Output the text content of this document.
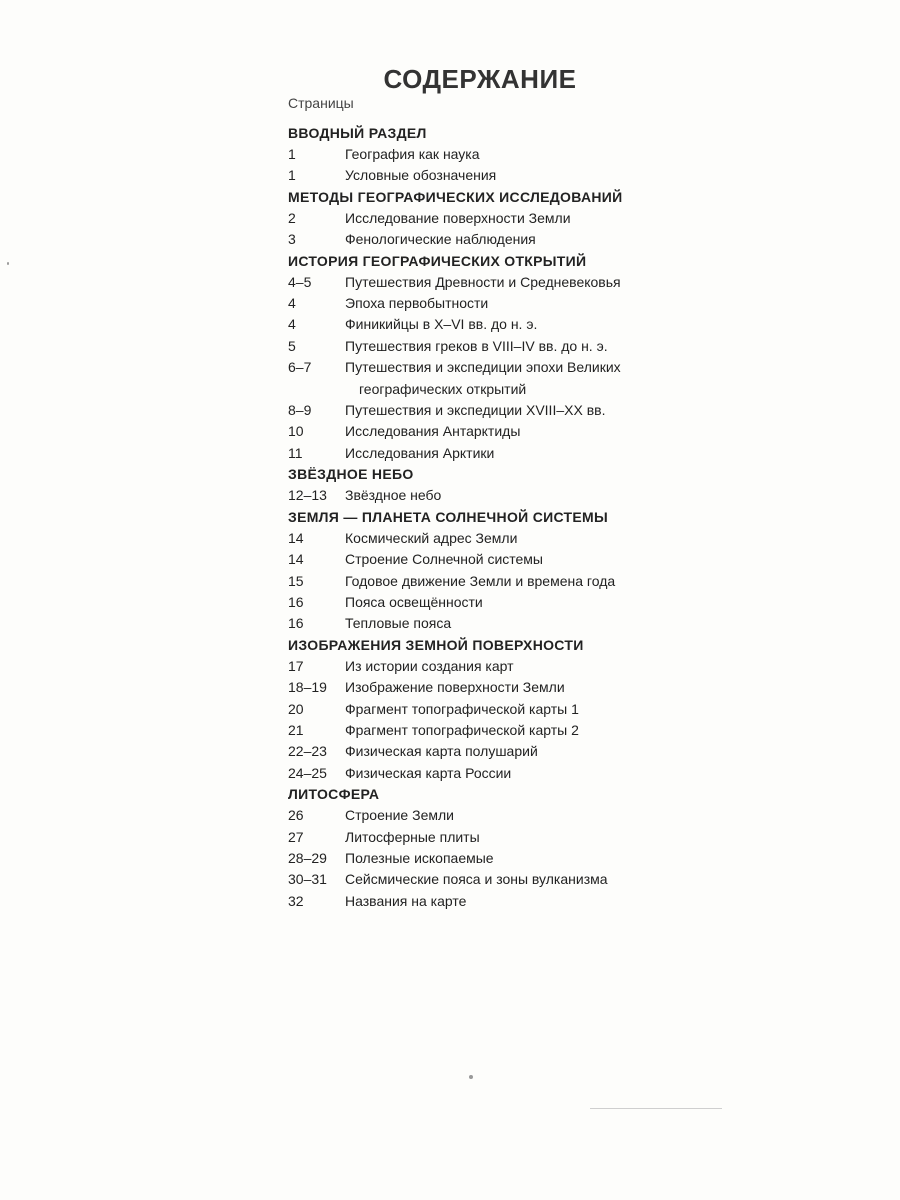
СОДЕРЖАНИЕ
Страницы
ВВОДНЫЙ РАЗДЕЛ
1	География как наука
1	Условные обозначения
МЕТОДЫ ГЕОГРАФИЧЕСКИХ ИССЛЕДОВАНИЙ
2	Исследование поверхности Земли
3	Фенологические наблюдения
ИСТОРИЯ ГЕОГРАФИЧЕСКИХ ОТКРЫТИЙ
4–5	Путешествия Древности и Средневековья
4	Эпоха первобытности
4	Финикийцы в X–VI вв. до н. э.
5	Путешествия греков в VIII–IV вв. до н. э.
6–7	Путешествия и экспедиции эпохи Великих
географических открытий
8–9	Путешествия и экспедиции XVIII–XX вв.
10	Исследования Антарктиды
11	Исследования Арктики
ЗВЁЗДНОЕ НЕБО
12–13	Звёздное небо
ЗЕМЛЯ — ПЛАНЕТА СОЛНЕЧНОЙ СИСТЕМЫ
14	Космический адрес Земли
14	Строение Солнечной системы
15	Годовое движение Земли и времена года
16	Пояса освещённости
16	Тепловые пояса
ИЗОБРАЖЕНИЯ ЗЕМНОЙ ПОВЕРХНОСТИ
17	Из истории создания карт
18–19	Изображение поверхности Земли
20	Фрагмент топографической карты 1
21	Фрагмент топографической карты 2
22–23	Физическая карта полушарий
24–25	Физическая карта России
ЛИТОСФЕРА
26	Строение Земли
27	Литосферные плиты
28–29	Полезные ископаемые
30–31	Сейсмические пояса и зоны вулканизма
32	Названия на карте
